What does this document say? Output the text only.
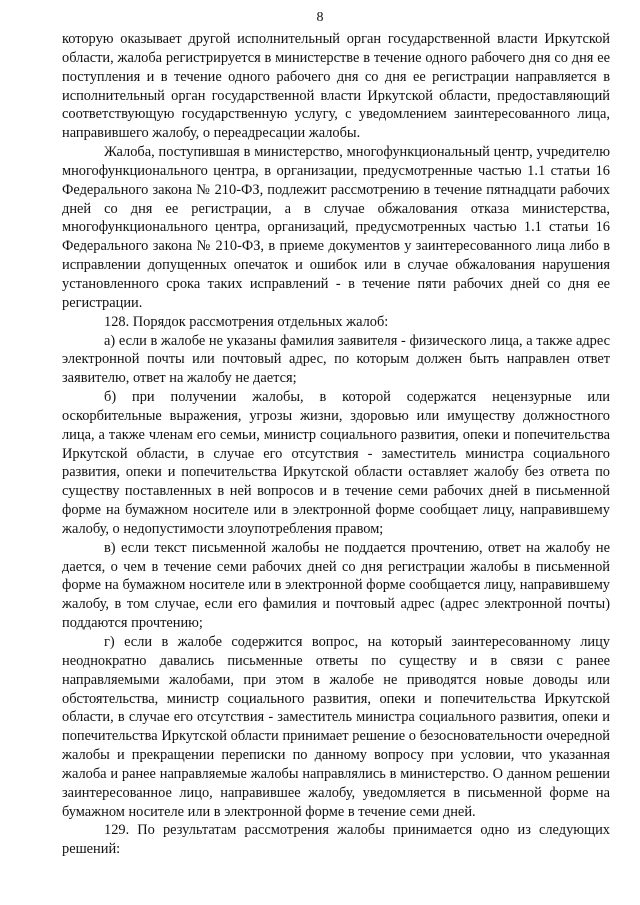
8

которую оказывает другой исполнительный орган государственной власти Иркутской области, жалоба регистрируется в министерстве в течение одного рабочего дня со дня ее поступления и в течение одного рабочего дня со дня ее регистрации направляется в исполнительный орган государственной власти Иркутской области, предоставляющий соответствующую государственную услугу, с уведомлением заинтересованного лица, направившего жалобу, о переадресации жалобы.

Жалоба, поступившая в министерство, многофункциональный центр, учредителю многофункционального центра, в организации, предусмотренные частью 1.1 статьи 16 Федерального закона № 210-ФЗ, подлежит рассмотрению в течение пятнадцати рабочих дней со дня ее регистрации, а в случае обжалования отказа министерства, многофункционального центра, организаций, предусмотренных частью 1.1 статьи 16 Федерального закона № 210-ФЗ, в приеме документов у заинтересованного лица либо в исправлении допущенных опечаток и ошибок или в случае обжалования нарушения установленного срока таких исправлений - в течение пяти рабочих дней со дня ее регистрации.

128. Порядок рассмотрения отдельных жалоб:

а) если в жалобе не указаны фамилия заявителя - физического лица, а также адрес электронной почты или почтовый адрес, по которым должен быть направлен ответ заявителю, ответ на жалобу не дается;

б) при получении жалобы, в которой содержатся нецензурные или оскорбительные выражения, угрозы жизни, здоровью или имуществу должностного лица, а также членам его семьи, министр социального развития, опеки и попечительства Иркутской области, в случае его отсутствия - заместитель министра социального развития, опеки и попечительства Иркутской области оставляет жалобу без ответа по существу поставленных в ней вопросов и в течение семи рабочих дней в письменной форме на бумажном носителе или в электронной форме сообщает лицу, направившему жалобу, о недопустимости злоупотребления правом;

в) если текст письменной жалобы не поддается прочтению, ответ на жалобу не дается, о чем в течение семи рабочих дней со дня регистрации жалобы в письменной форме на бумажном носителе или в электронной форме сообщается лицу, направившему жалобу, в том случае, если его фамилия и почтовый адрес (адрес электронной почты) поддаются прочтению;

г) если в жалобе содержится вопрос, на который заинтересованному лицу неоднократно давались письменные ответы по существу и в связи с ранее направляемыми жалобами, при этом в жалобе не приводятся новые доводы или обстоятельства, министр социального развития, опеки и попечительства Иркутской области, в случае его отсутствия - заместитель министра социального развития, опеки и попечительства Иркутской области принимает решение о безосновательности очередной жалобы и прекращении переписки по данному вопросу при условии, что указанная жалоба и ранее направляемые жалобы направлялись в министерство. О данном решении заинтересованное лицо, направившее жалобу, уведомляется в письменной форме на бумажном носителе или в электронной форме в течение семи дней.

129. По результатам рассмотрения жалобы принимается одно из следующих решений:
